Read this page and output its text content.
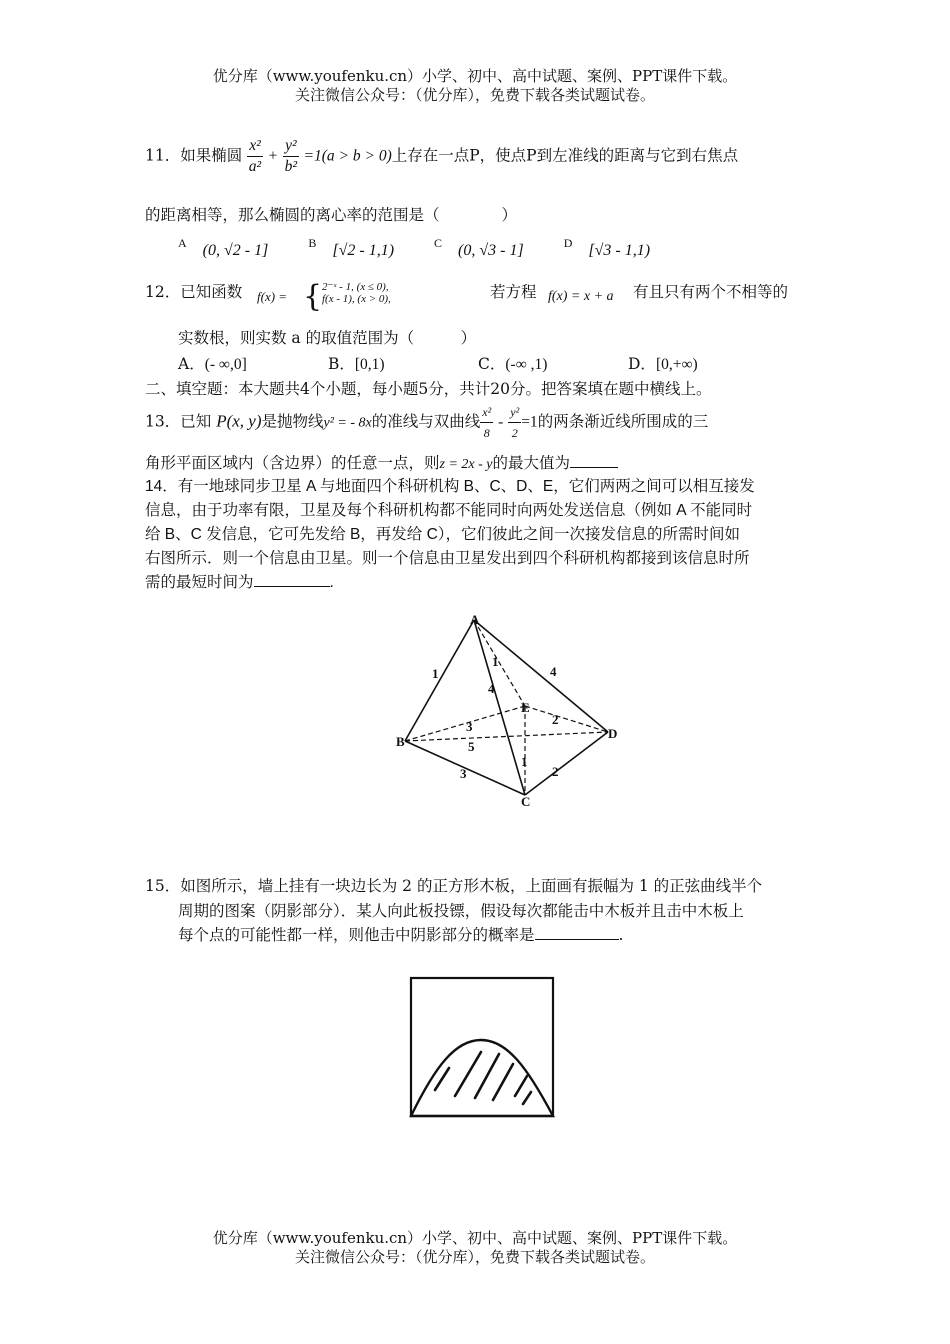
优分库（www.youfenku.cn）小学、初中、高中试题、案例、PPT课件下载。
关注微信公众号：（优分库），免费下载各类试题试卷。
11．如果椭圆 $\frac{\text{x²}}{\text{a²}} + \frac{\text{y²}}{\text{b²}} =1(a > b > 0)$上存在一点P，使点P到左准线的距离与它到右焦点
的距离相等，那么椭圆的离心率的范围是（　　　　）
$^A$ (0, √2 - 1]	$^B$ [√2 - 1,1)	$^C$ (0, √3 - 1]	$^D$ [√3 - 1,1)
12．已知函数 f(x) = { 2⁻ˣ - 1, (x ≤ 0),
f(x - 1), (x > 0),	若方程 f(x) = x + a 有且只有两个不相等的
实数根，则实数 a 的取值范围为（　　　）
A．(- ∞,0]	B．[0,1)	C．(-∞ ,1)	D．[0,+∞)
二、填空题：本大题共4个小题，每小题5分，共计20分。把答案填在题中横线上。
13．已知 P(x, y)是抛物线y² = - 8x的准线与双曲线 $\frac{\text{x²}}{8} - \frac{\text{y²}}{2} =1$的两条渐近线所围成的三
角形平面区域内（含边界）的任意一点，则z = 2x - y的最大值为
14．有一地球同步卫星 A 与地面四个科研机构 B、C、D、E，它们两两之间可以相互接发
信息，由于功率有限，卫星及每个科研机构都不能同时向两处发送信息（例如 A 不能同时
给 B、C 发信息，它可先发给 B，再发给 C），它们彼此之间一次接发信息的所需时间如
右图所示．则一个信息由卫星。则一个信息由卫星发出到四个科研机构都接到该信息时所
需的最短时间为	.
A
B
C
D
E
1	4
4
1
3
5
2
1
3	2
15．如图所示，墙上挂有一块边长为 2 的正方形木板，上面画有振幅为 1 的正弦曲线半个
周期的图案（阴影部分）．某人向此板投镖，假设每次都能击中木板并且击中木板上
每个点的可能性都一样，则他击中阴影部分的概率是	.
优分库（www.youfenku.cn）小学、初中、高中试题、案例、PPT课件下载。
关注微信公众号：（优分库），免费下载各类试题试卷。
